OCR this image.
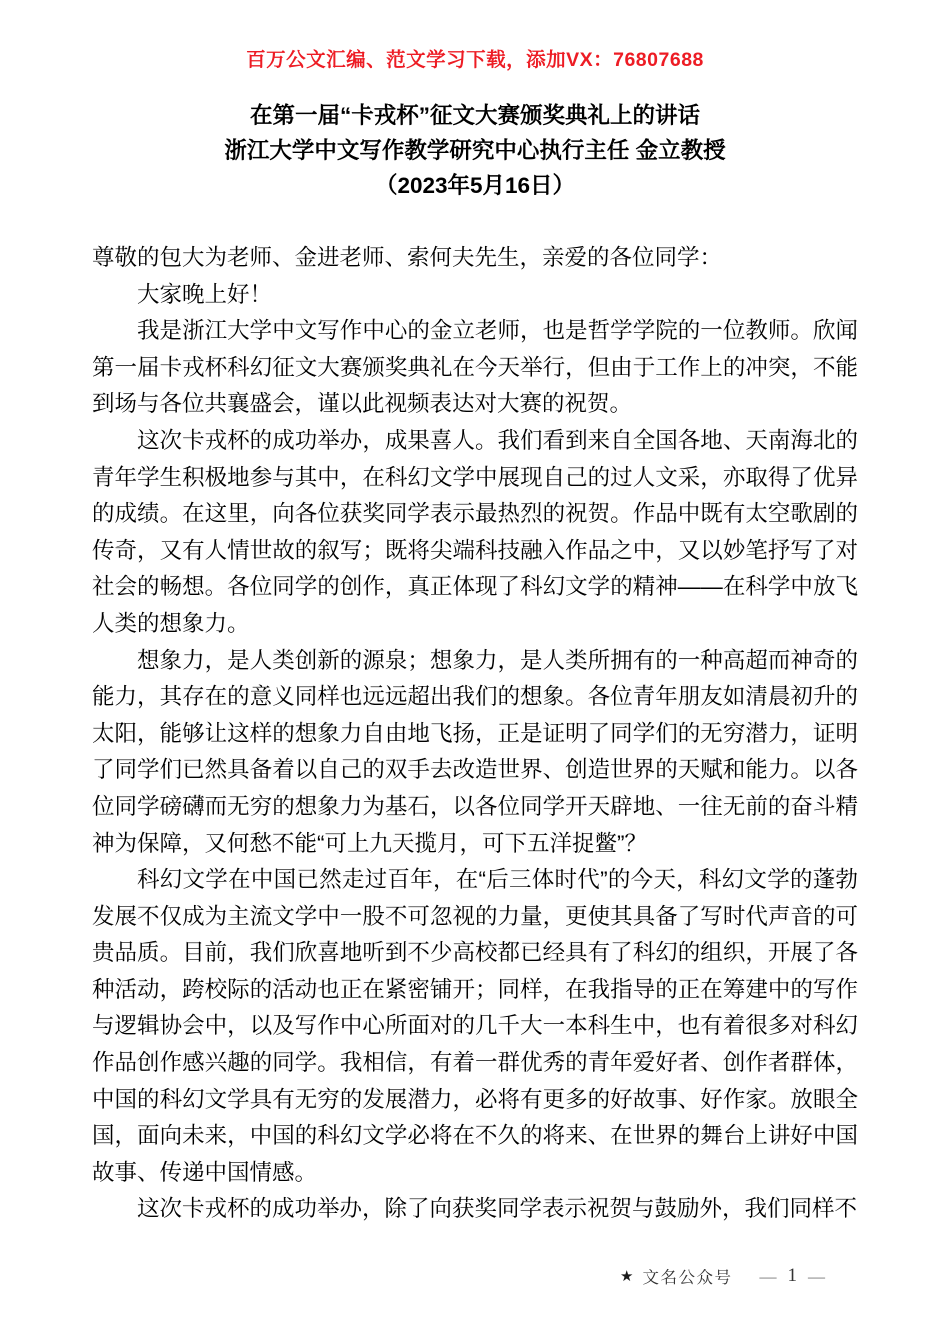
百万公文汇编、范文学习下载，添加VX：76807688
在第一届“卡戎杯”征文大赛颁奖典礼上的讲话
浙江大学中文写作教学研究中心执行主任 金立教授
（2023年5月16日）

尊敬的包大为老师、金进老师、索何夫先生，亲爱的各位同学：

大家晚上好！

我是浙江大学中文写作中心的金立老师，也是哲学学院的一位教师。欣闻第一届卡戎杯科幻征文大赛颁奖典礼在今天举行，但由于工作上的冲突，不能到场与各位共襄盛会，谨以此视频表达对大赛的祝贺。

这次卡戎杯的成功举办，成果喜人。我们看到来自全国各地、天南海北的青年学生积极地参与其中，在科幻文学中展现自己的过人文采，亦取得了优异的成绩。在这里，向各位获奖同学表示最热烈的祝贺。作品中既有太空歌剧的传奇，又有人情世故的叙写；既将尖端科技融入作品之中，又以妙笔抒写了对社会的畅想。各位同学的创作，真正体现了科幻文学的精神——在科学中放飞人类的想象力。

想象力，是人类创新的源泉；想象力，是人类所拥有的一种高超而神奇的能力，其存在的意义同样也远远超出我们的想象。各位青年朋友如清晨初升的太阳，能够让这样的想象力自由地飞扬，正是证明了同学们的无穷潜力，证明了同学们已然具备着以自己的双手去改造世界、创造世界的天赋和能力。以各位同学磅礴而无穷的想象力为基石，以各位同学开天辟地、一往无前的奋斗精神为保障，又何愁不能“可上九天揽月，可下五洋捉鳖”？

科幻文学在中国已然走过百年，在“后三体时代”的今天，科幻文学的蓬勃发展不仅成为主流文学中一股不可忽视的力量，更使其具备了写时代声音的可贵品质。目前，我们欣喜地听到不少高校都已经具有了科幻的组织，开展了各种活动，跨校际的活动也正在紧密铺开；同样，在我指导的正在筹建中的写作与逻辑协会中，以及写作中心所面对的几千大一本科生中，也有着很多对科幻作品创作感兴趣的同学。我相信，有着一群优秀的青年爱好者、创作者群体，中国的科幻文学具有无穷的发展潜力，必将有更多的好故事、好作家。放眼全国，面向未来，中国的科幻文学必将在不久的将来、在世界的舞台上讲好中国故事、传递中国情感。

这次卡戎杯的成功举办，除了向获奖同学表示祝贺与鼓励外，我们同样不

★ 文名公众号 — 1 —
